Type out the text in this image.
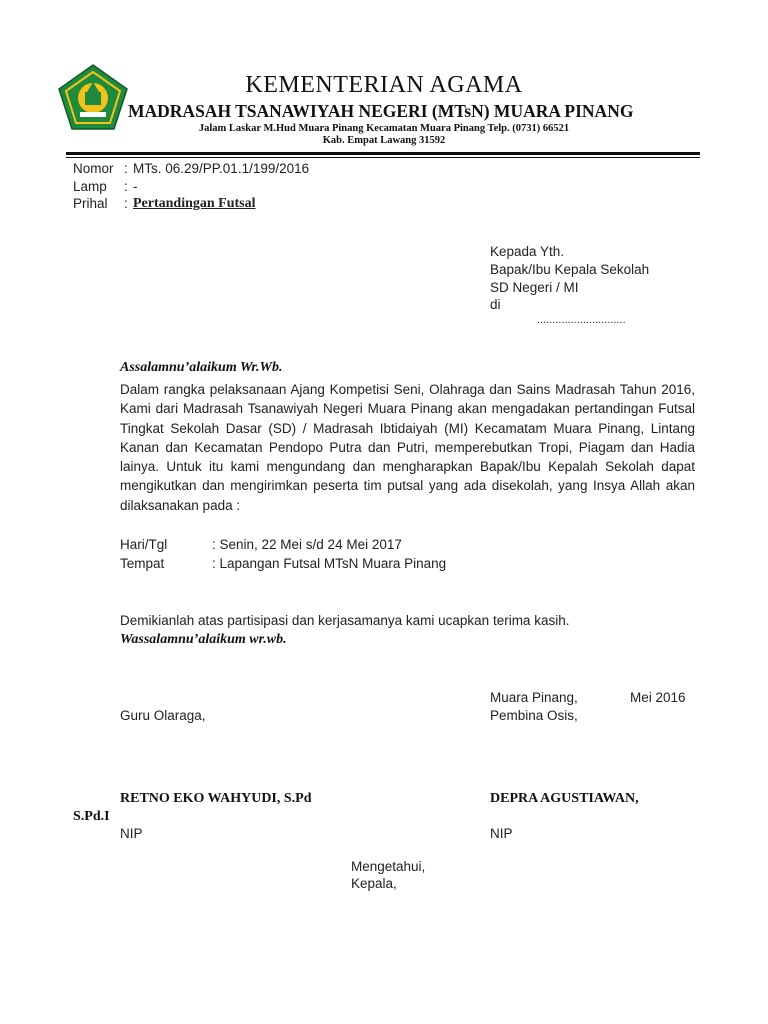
KEMENTERIAN AGAMA
MADRASAH TSANAWIYAH NEGERI (MTsN) MUARA PINANG
Jalam Laskar M.Hud Muara Pinang Kecamatan Muara Pinang Telp. (0731) 66521
Kab. Empat Lawang 31592
Nomor : MTs. 06.29/PP.01.1/199/2016
Lamp : -
Prihal : Pertandingan Futsal
Kepada Yth.
Bapak/Ibu Kepala Sekolah
SD Negeri / MI
di
.............................
Assalamnu’alaikum Wr.Wb.
Dalam rangka pelaksanaan Ajang Kompetisi Seni, Olahraga dan Sains Madrasah Tahun 2016, Kami dari Madrasah Tsanawiyah Negeri Muara Pinang akan mengadakan pertandingan Futsal Tingkat Sekolah Dasar (SD) / Madrasah Ibtidaiyah (MI) Kecamatam Muara Pinang, Lintang Kanan dan Kecamatan Pendopo Putra dan Putri, memperebutkan Tropi, Piagam dan Hadia lainya. Untuk itu kami mengundang dan mengharapkan Bapak/Ibu Kepalah Sekolah dapat mengikutkan dan mengirimkan peserta tim putsal yang ada disekolah, yang Insya Allah akan dilaksanakan pada :
Hari/Tgl	: Senin, 22 Mei s/d 24 Mei 2017
Tempat	: Lapangan Futsal MTsN Muara Pinang
Demikianlah atas partisipasi dan kerjasamanya kami ucapkan terima kasih.
Wassalamnu’alaikum wr.wb.
Muara Pinang,	Mei 2016
Guru Olaraga,	Pembina Osis,
RETNO EKO WAHYUDI, S.Pd	DEPRA AGUSTIAWAN,
S.Pd.I
NIP	NIP
Mengetahui,
Kepala,
